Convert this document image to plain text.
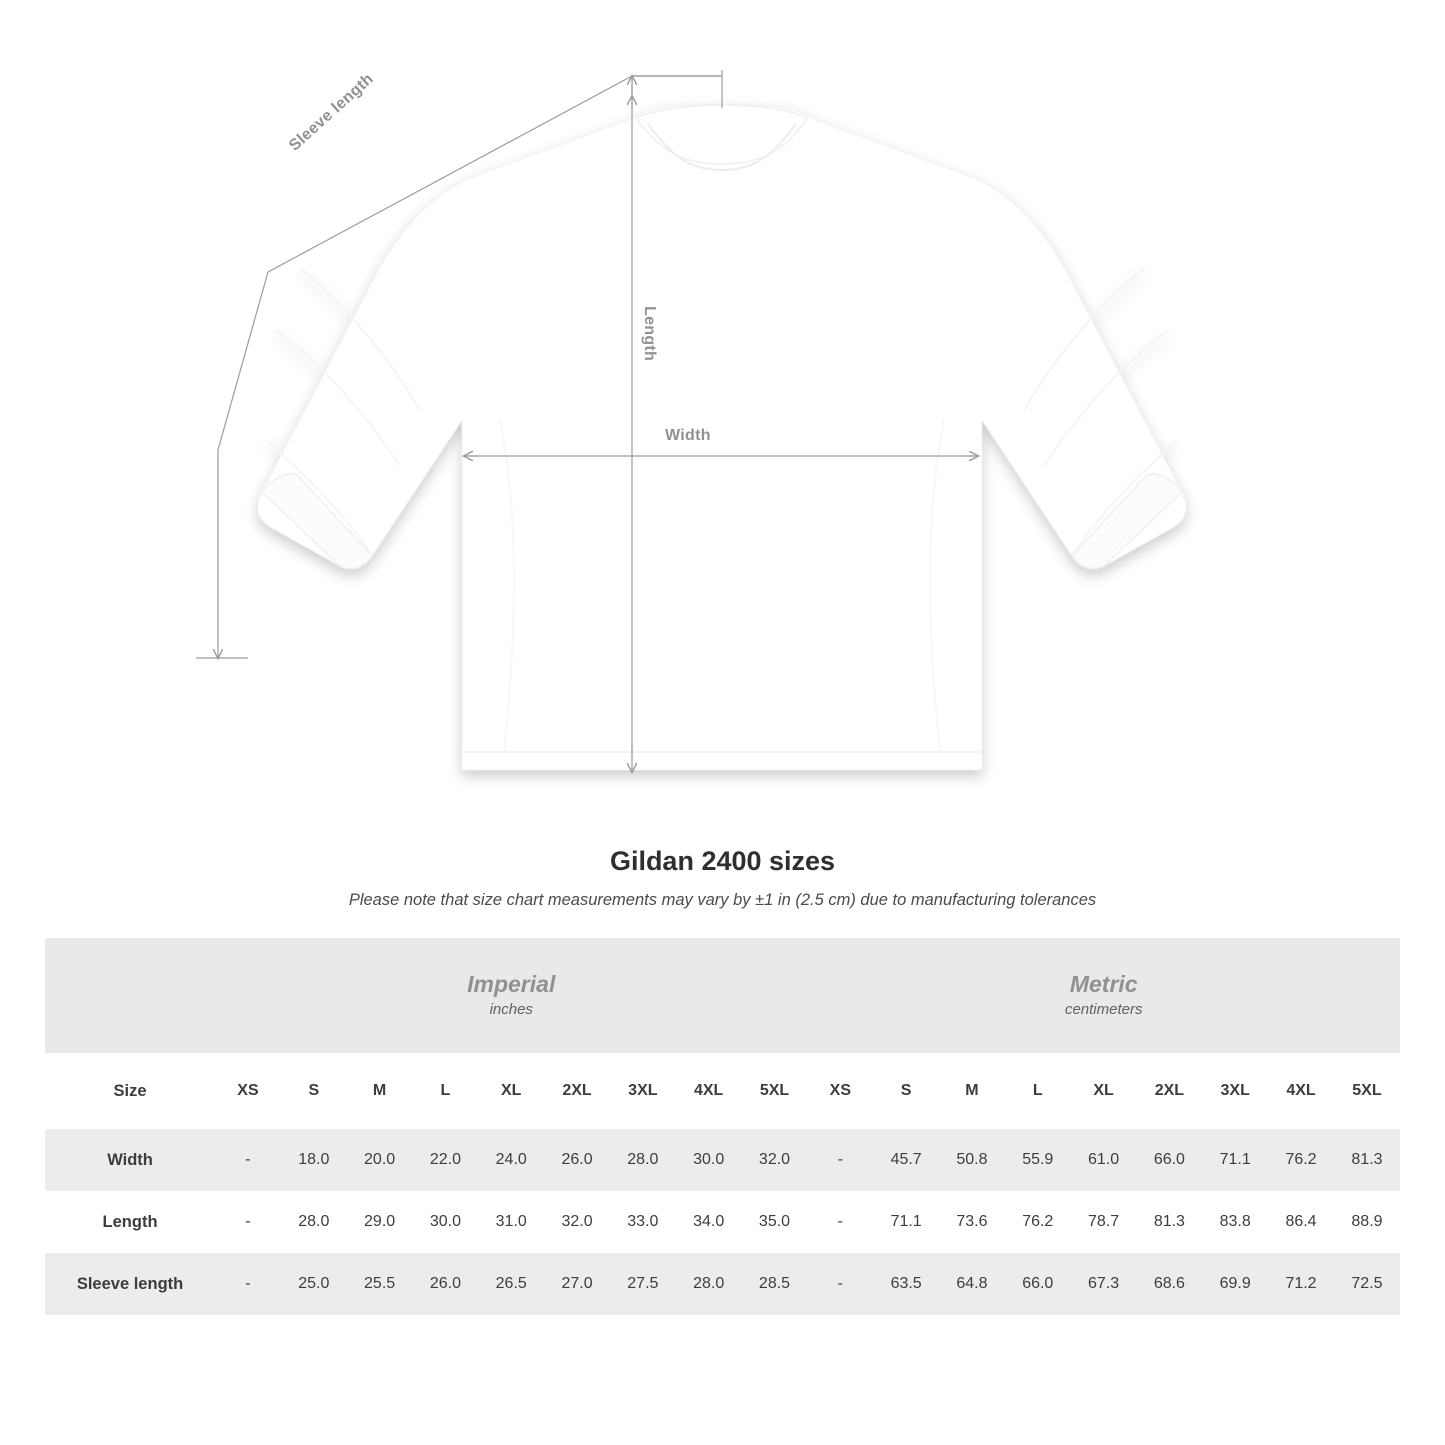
Sleeve length
Length
Width
Gildan 2400 sizes

Please note that size chart measurements may vary by ±1 in (2.5 cm) due to manufacturing tolerances

Imperial
inches

Metric
centimeters

Size	XS	S	M	L	XL	2XL	3XL	4XL	5XL	XS	S	M	L	XL	2XL	3XL	4XL	5XL
Width	-	18.0	20.0	22.0	24.0	26.0	28.0	30.0	32.0	-	45.7	50.8	55.9	61.0	66.0	71.1	76.2	81.3
Length	-	28.0	29.0	30.0	31.0	32.0	33.0	34.0	35.0	-	71.1	73.6	76.2	78.7	81.3	83.8	86.4	88.9
Sleeve length	-	25.0	25.5	26.0	26.5	27.0	27.5	28.0	28.5	-	63.5	64.8	66.0	67.3	68.6	69.9	71.2	72.5
